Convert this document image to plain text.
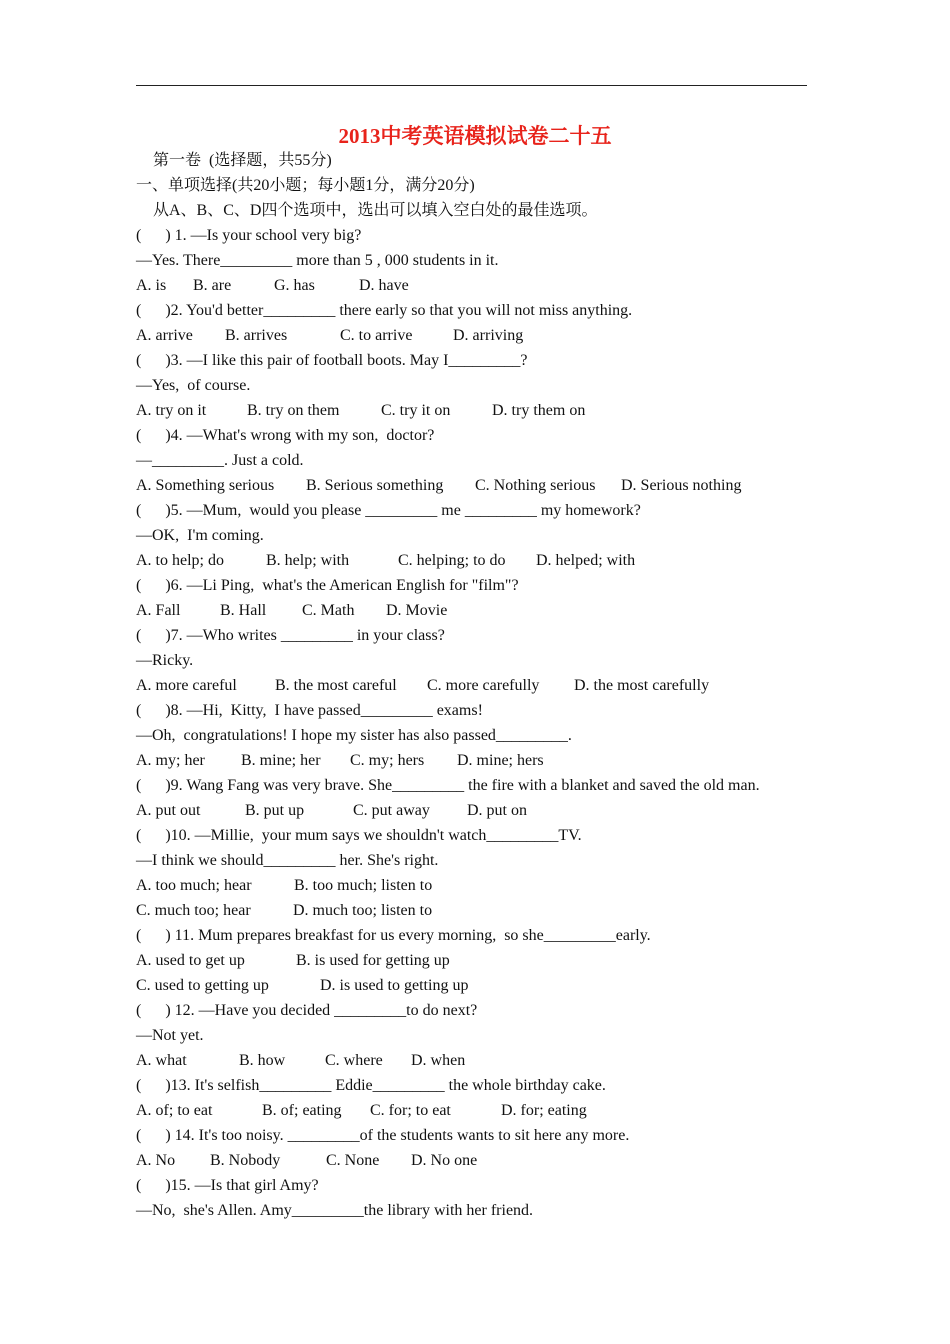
2013中考英语模拟试卷二十五
第一卷  (选择题，共55分)
一、单项选择(共20小题；每小题1分，满分20分)
从A、B、C、D四个选项中，选出可以填入空白处的最佳选项。
(      ) 1. —Is your school very big?
—Yes. There_________ more than 5 , 000 students in it.
A. is B. are	G. has	D. have
(      )2. You'd better_________ there early so that you will not miss anything.
A. arrive B. arrives	C. to arrive	D. arriving
(      )3. —I like this pair of football boots. May I_________?
—Yes,  of course.
A. try on it	B. try on them	C. try it on	D. try them on
(      )4. —What's wrong with my son,  doctor?
—_________. Just a cold.
A. Something serious B. Serious something C. Nothing serious D. Serious nothing
(      )5. —Mum,  would you please _________ me _________ my homework?
—OK,  I'm coming.
A. to help; do	B. help; with	C. helping; to do D. helped; with
(      )6. —Li Ping,  what's the American English for "film"?
A. Fall B. Hall C. Math D. Movie
(      )7. —Who writes _________ in your class?
—Ricky.
A. more careful B. the most careful C. more carefully D. the most carefully
(      )8. —Hi,  Kitty,  I have passed_________ exams!
—Oh,  congratulations! I hope my sister has also passed_________.
A. my; her B. mine; her C. my; hers D. mine; hers
(      )9. Wang Fang was very brave. She_________ the fire with a blanket and saved the old man.
A. put out	B. put up	C. put away D. put on
(      )10. —Millie,  your mum says we shouldn't watch_________TV.
—I think we should_________ her. She's right.
A. too much; hear	B. too much; listen to
C. much too; hear	D. much too; listen to
(      ) 11. Mum prepares breakfast for us every morning,  so she_________early.
A. used to get up	B. is used for getting up
C. used to getting up	D. is used to getting up
(      ) 12. —Have you decided _________to do next?
—Not yet.
A. what	B. how C. where D. when
(      )13. It's selfish_________ Eddie_________ the whole birthday cake.
A. of; to eat	B. of; eating C. for; to eat	D. for; eating
(      ) 14. It's too noisy. _________of the students wants to sit here any more.
A. No B. Nobody	C. None D. No one
(      )15. —Is that girl Amy?
—No,  she's Allen. Amy_________the library with her friend.
